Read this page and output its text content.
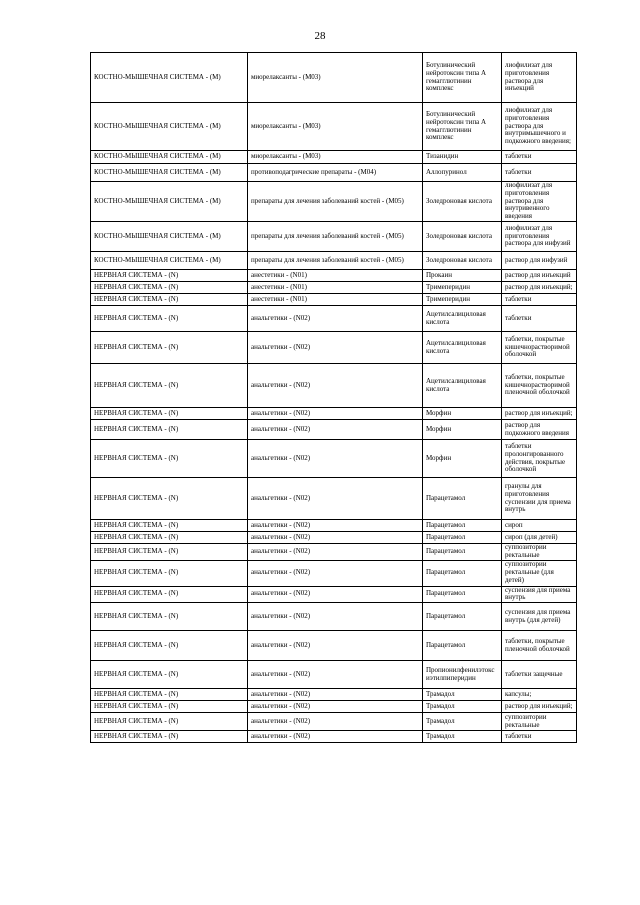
28
КОСТНО-МЫШЕЧНАЯ СИСТЕМА - (M)	миорелаксанты - (M03)	Ботулинический нейротоксин типа А гемагглютинин комплекс	лиофилизат для приготовления раствора для инъекций
КОСТНО-МЫШЕЧНАЯ СИСТЕМА - (M)	миорелаксанты - (M03)	Ботулинический нейротоксин типа А гемагглютинин комплекс	лиофилизат для приготовления раствора для внутримышечного и подкожного введения;
КОСТНО-МЫШЕЧНАЯ СИСТЕМА - (M)	миорелаксанты - (M03)	Тизанидин	таблетки
КОСТНО-МЫШЕЧНАЯ СИСТЕМА - (M)	противоподагрические препараты - (M04)	Аллопуринол	таблетки
КОСТНО-МЫШЕЧНАЯ СИСТЕМА - (M)	препараты для лечения заболеваний костей - (M05)	Золедроновая кислота	лиофилизат для приготовления раствора для внутривенного введения
КОСТНО-МЫШЕЧНАЯ СИСТЕМА - (M)	препараты для лечения заболеваний костей - (M05)	Золедроновая кислота	лиофилизат для приготовления раствора для инфузий
КОСТНО-МЫШЕЧНАЯ СИСТЕМА - (M)	препараты для лечения заболеваний костей - (M05)	Золедроновая кислота	раствор для инфузий
НЕРВНАЯ СИСТЕМА - (N)	анестетики - (N01)	Прокаин	раствор для инъекций
НЕРВНАЯ СИСТЕМА - (N)	анестетики - (N01)	Тримеперидин	раствор для инъекций;
НЕРВНАЯ СИСТЕМА - (N)	анестетики - (N01)	Тримеперидин	таблетки
НЕРВНАЯ СИСТЕМА - (N)	анальгетики - (N02)	Ацетилсалициловая кислота	таблетки
НЕРВНАЯ СИСТЕМА - (N)	анальгетики - (N02)	Ацетилсалициловая кислота	таблетки, покрытые кишечнорастворимой оболочкой
НЕРВНАЯ СИСТЕМА - (N)	анальгетики - (N02)	Ацетилсалициловая кислота	таблетки, покрытые кишечнорастворимой пленочной оболочкой
НЕРВНАЯ СИСТЕМА - (N)	анальгетики - (N02)	Морфин	раствор для инъекций;
НЕРВНАЯ СИСТЕМА - (N)	анальгетики - (N02)	Морфин	раствор для подкожного введения
НЕРВНАЯ СИСТЕМА - (N)	анальгетики - (N02)	Морфин	таблетки пролонгированного действия, покрытые оболочкой
НЕРВНАЯ СИСТЕМА - (N)	анальгетики - (N02)	Парацетамол	гранулы для приготовления суспензии для приема внутрь
НЕРВНАЯ СИСТЕМА - (N)	анальгетики - (N02)	Парацетамол	сироп
НЕРВНАЯ СИСТЕМА - (N)	анальгетики - (N02)	Парацетамол	сироп (для детей)
НЕРВНАЯ СИСТЕМА - (N)	анальгетики - (N02)	Парацетамол	суппозитории ректальные
НЕРВНАЯ СИСТЕМА - (N)	анальгетики - (N02)	Парацетамол	суппозитории ректальные (для детей)
НЕРВНАЯ СИСТЕМА - (N)	анальгетики - (N02)	Парацетамол	суспензия для приема внутрь
НЕРВНАЯ СИСТЕМА - (N)	анальгетики - (N02)	Парацетамол	суспензия для приема внутрь (для детей)
НЕРВНАЯ СИСТЕМА - (N)	анальгетики - (N02)	Парацетамол	таблетки, покрытые пленочной оболочкой
НЕРВНАЯ СИСТЕМА - (N)	анальгетики - (N02)	Пропионилфенилэтоксиэтилпиперидин	таблетки защечные
НЕРВНАЯ СИСТЕМА - (N)	анальгетики - (N02)	Трамадол	капсулы;
НЕРВНАЯ СИСТЕМА - (N)	анальгетики - (N02)	Трамадол	раствор для инъекций;
НЕРВНАЯ СИСТЕМА - (N)	анальгетики - (N02)	Трамадол	суппозитории ректальные
НЕРВНАЯ СИСТЕМА - (N)	анальгетики - (N02)	Трамадол	таблетки
